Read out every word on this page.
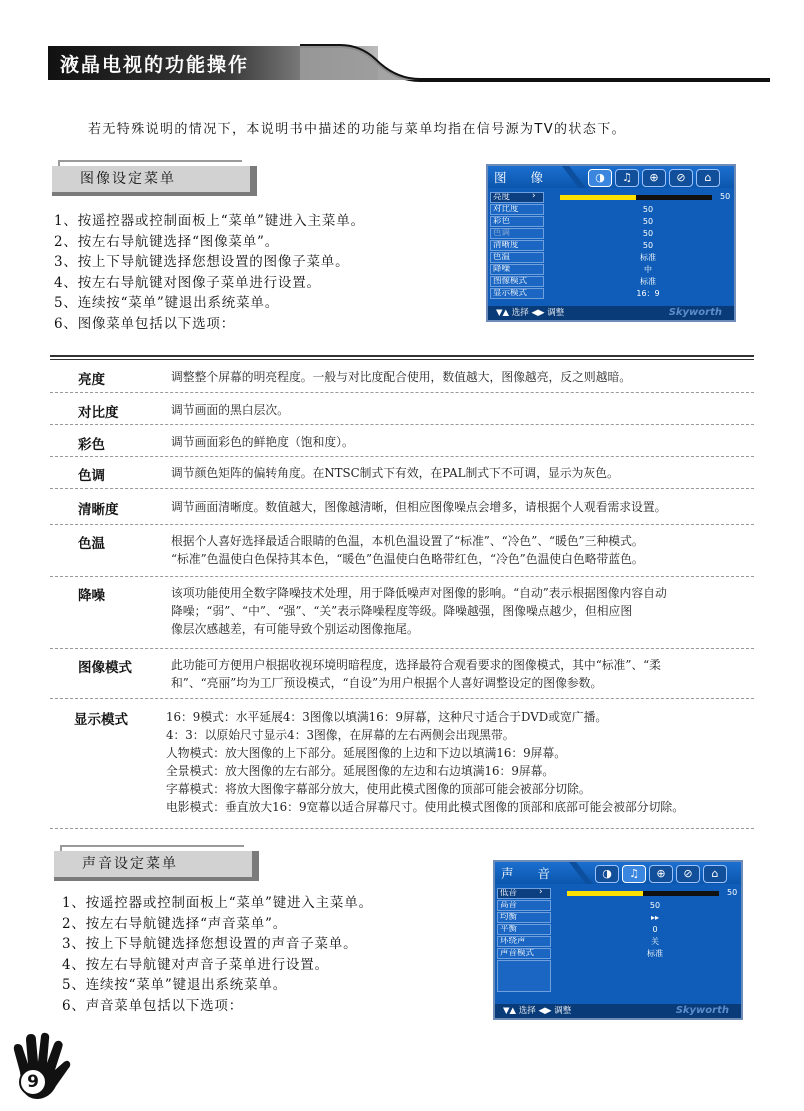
液晶电视的功能操作
若无特殊说明的情况下，本说明书中描述的功能与菜单均指在信号源为TV的状态下。
图像设定菜单
1、按遥控器或控制面板上“菜单”键进入主菜单。
2、按左右导航键选择“图像菜单”。
3、按上下导航键选择您想设置的图像子菜单。
4、按左右导航键对图像子菜单进行设置。
5、连续按“菜单”键退出系统菜单。
6、图像菜单包括以下选项：
图 像	◑	♫	⊕	⊘	⌂
亮度	›	50
对比度	50
彩色	50
色调	50
清晰度	50
色温	标准
降噪	中
图像模式	标准
显示模式	16：9
▼▲ 选择 ◀▶ 调整	Skyworth
亮度	调整整个屏幕的明亮程度。一般与对比度配合使用，数值越大，图像越亮，反之则越暗。
对比度	调节画面的黑白层次。
彩色	调节画面彩色的鲜艳度（饱和度）。
色调	调节颜色矩阵的偏转角度。在NTSC制式下有效，在PAL制式下不可调，显示为灰色。
清晰度	调节画面清晰度。数值越大，图像越清晰，但相应图像噪点会增多，请根据个人观看需求设置。
色温	根据个人喜好选择最适合眼睛的色温，本机色温设置了“标准”、“冷色”、“暖色”三种模式。
“标准”色温使白色保持其本色，“暖色”色温使白色略带红色，“冷色”色温使白色略带蓝色。
降噪	该项功能使用全数字降噪技术处理，用于降低噪声对图像的影响。“自动”表示根据图像内容自动
降噪；“弱”、“中”、“强”、“关”表示降噪程度等级。降噪越强，图像噪点越少，但相应图
像层次感越差，有可能导致个别运动图像拖尾。
图像模式	此功能可方便用户根据收视环境明暗程度，选择最符合观看要求的图像模式，其中“标准”、“柔
和”、“亮丽”均为工厂预设模式，“自设”为用户根据个人喜好调整设定的图像参数。
显示模式	16：9模式：水平延展4：3图像以填满16：9屏幕，这种尺寸适合于DVD或宽广播。
4：3：以原始尺寸显示4：3图像，在屏幕的左右两侧会出现黑带。
人物模式：放大图像的上下部分。延展图像的上边和下边以填满16：9屏幕。
全景模式：放大图像的左右部分。延展图像的左边和右边填满16：9屏幕。
字幕模式：将放大图像字幕部分放大，使用此模式图像的顶部可能会被部分切除。
电影模式：垂直放大16：9宽幕以适合屏幕尺寸。使用此模式图像的顶部和底部可能会被部分切除。
声音设定菜单
1、按遥控器或控制面板上“菜单”键进入主菜单。
2、按左右导航键选择“声音菜单”。
3、按上下导航键选择您想设置的声音子菜单。
4、按左右导航键对声音子菜单进行设置。
5、连续按“菜单”键退出系统菜单。
6、声音菜单包括以下选项：
声 音	◑	♫	⊕	⊘	⌂
低音	›	50
高音	50
均衡	▸▸
平衡	0
环绕声	关
声音模式	标准
▼▲ 选择 ◀▶ 调整	Skyworth
9
